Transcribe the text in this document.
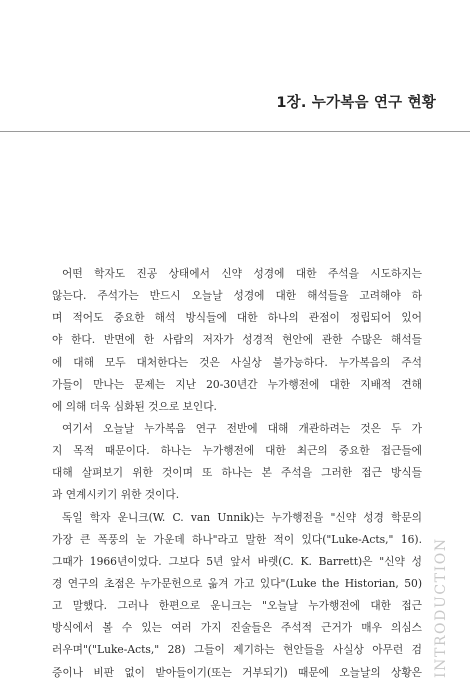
1장. 누가복음 연구 현황
어떤 학자도 진공 상태에서 신약 성경에 대한 주석을 시도하지는
않는다. 주석가는 반드시 오늘날 성경에 대한 해석들을 고려해야 하
며 적어도 중요한 해석 방식들에 대한 하나의 관점이 정립되어 있어
야 한다. 반면에 한 사람의 저자가 성경적 현안에 관한 수많은 해석들
에 대해 모두 대처한다는 것은 사실상 불가능하다. 누가복음의 주석
가들이 만나는 문제는 지난 20-30년간 누가행전에 대한 지배적 견해
에 의해 더욱 심화된 것으로 보인다.
여기서 오늘날 누가복음 연구 전반에 대해 개관하려는 것은 두 가
지 목적 때문이다. 하나는 누가행전에 대한 최근의 중요한 접근들에
대해 살펴보기 위한 것이며 또 하나는 본 주석을 그러한 접근 방식들
과 연계시키기 위한 것이다.
독일 학자 운니크(W. C. van Unnik)는 누가행전을 "신약 성경 학문의
가장 큰 폭풍의 눈 가운데 하나"라고 말한 적이 있다("Luke-Acts," 16).
그때가 1966년이었다. 그보다 5년 앞서 바렛(C. K. Barrett)은 "신약 성
경 연구의 초점은 누가문헌으로 옮겨 가고 있다"(Luke the Historian, 50)
고 말했다. 그러나 한편으로 운니크는 "오늘날 누가행전에 대한 접근
방식에서 볼 수 있는 여러 가지 진술들은 주석적 근거가 매우 의심스
러우며"("Luke-Acts," 28) 그들이 제기하는 현안들을 사실상 아무런 검
증이나 비판 없이 받아들이기(또는 거부되기) 때문에 오늘날의 상황은 INTRODUCTION
